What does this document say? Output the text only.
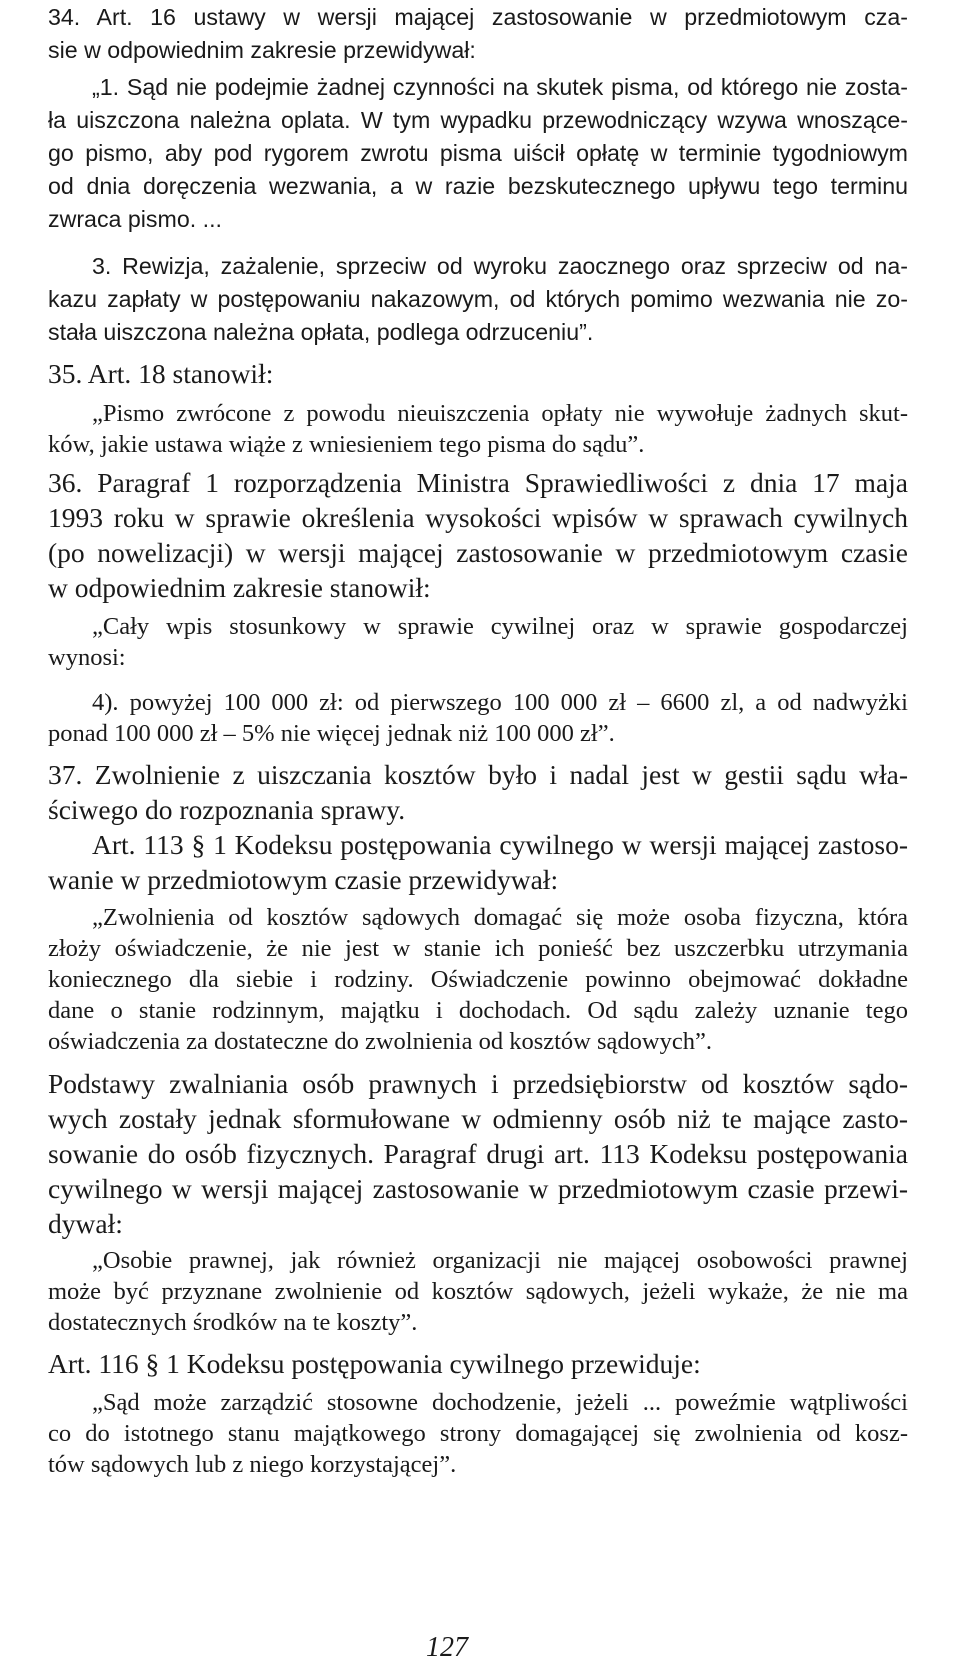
34. Art. 16 ustawy w wersji mającej zastosowanie w przedmiotowym cza-
sie w odpowiednim zakresie przewidywał:
„1. Sąd nie podejmie żadnej czynności na skutek pisma, od którego nie zosta-
ła uiszczona należna oplata. W tym wypadku przewodniczący wzywa wnoszące-
go pismo, aby pod rygorem zwrotu pisma uiścił opłatę w terminie tygodniowym
od dnia doręczenia wezwania, a w razie bezskutecznego upływu tego terminu
zwraca pismo. ...
3. Rewizja, zażalenie, sprzeciw od wyroku zaocznego oraz sprzeciw od na-
kazu zapłaty w postępowaniu nakazowym, od których pomimo wezwania nie zo-
stała uiszczona należna opłata, podlega odrzuceniu”.
35. Art. 18 stanowił:
„Pismo zwrócone z powodu nieuiszczenia opłaty nie wywołuje żadnych skut-
ków, jakie ustawa wiąże z wniesieniem tego pisma do sądu”.
36. Paragraf 1 rozporządzenia Ministra Sprawiedliwości z dnia 17 maja
1993 roku w sprawie określenia wysokości wpisów w sprawach cywilnych
(po nowelizacji) w wersji mającej zastosowanie w przedmiotowym czasie
w odpowiednim zakresie stanowił:
„Cały wpis stosunkowy w sprawie cywilnej oraz w sprawie gospodarczej
wynosi:
4). powyżej 100 000 zł: od pierwszego 100 000 zł – 6600 zl, a od nadwyżki
ponad 100 000 zł – 5% nie więcej jednak niż 100 000 zł”.
37. Zwolnienie z uiszczania kosztów było i nadal jest w gestii sądu wła-
ściwego do rozpoznania sprawy.
Art. 113 § 1 Kodeksu postępowania cywilnego w wersji mającej zastoso-
wanie w przedmiotowym czasie przewidywał:
„Zwolnienia od kosztów sądowych domagać się może osoba fizyczna, która
złoży oświadczenie, że nie jest w stanie ich ponieść bez uszczerbku utrzymania
koniecznego dla siebie i rodziny. Oświadczenie powinno obejmować dokładne
dane o stanie rodzinnym, majątku i dochodach. Od sądu zależy uznanie tego
oświadczenia za dostateczne do zwolnienia od kosztów sądowych”.
Podstawy zwalniania osób prawnych i przedsiębiorstw od kosztów sądo-
wych zostały jednak sformułowane w odmienny osób niż te mające zasto-
sowanie do osób fizycznych. Paragraf drugi art. 113 Kodeksu postępowania
cywilnego w wersji mającej zastosowanie w przedmiotowym czasie przewi-
dywał:
„Osobie prawnej, jak również organizacji nie mającej osobowości prawnej
może być przyznane zwolnienie od kosztów sądowych, jeżeli wykaże, że nie ma
dostatecznych środków na te koszty”.
Art. 116 § 1 Kodeksu postępowania cywilnego przewiduje:
„Sąd może zarządzić stosowne dochodzenie, jeżeli ... poweźmie wątpliwości
co do istotnego stanu majątkowego strony domagającej się zwolnienia od kosz-
tów sądowych lub z niego korzystającej”.
127
